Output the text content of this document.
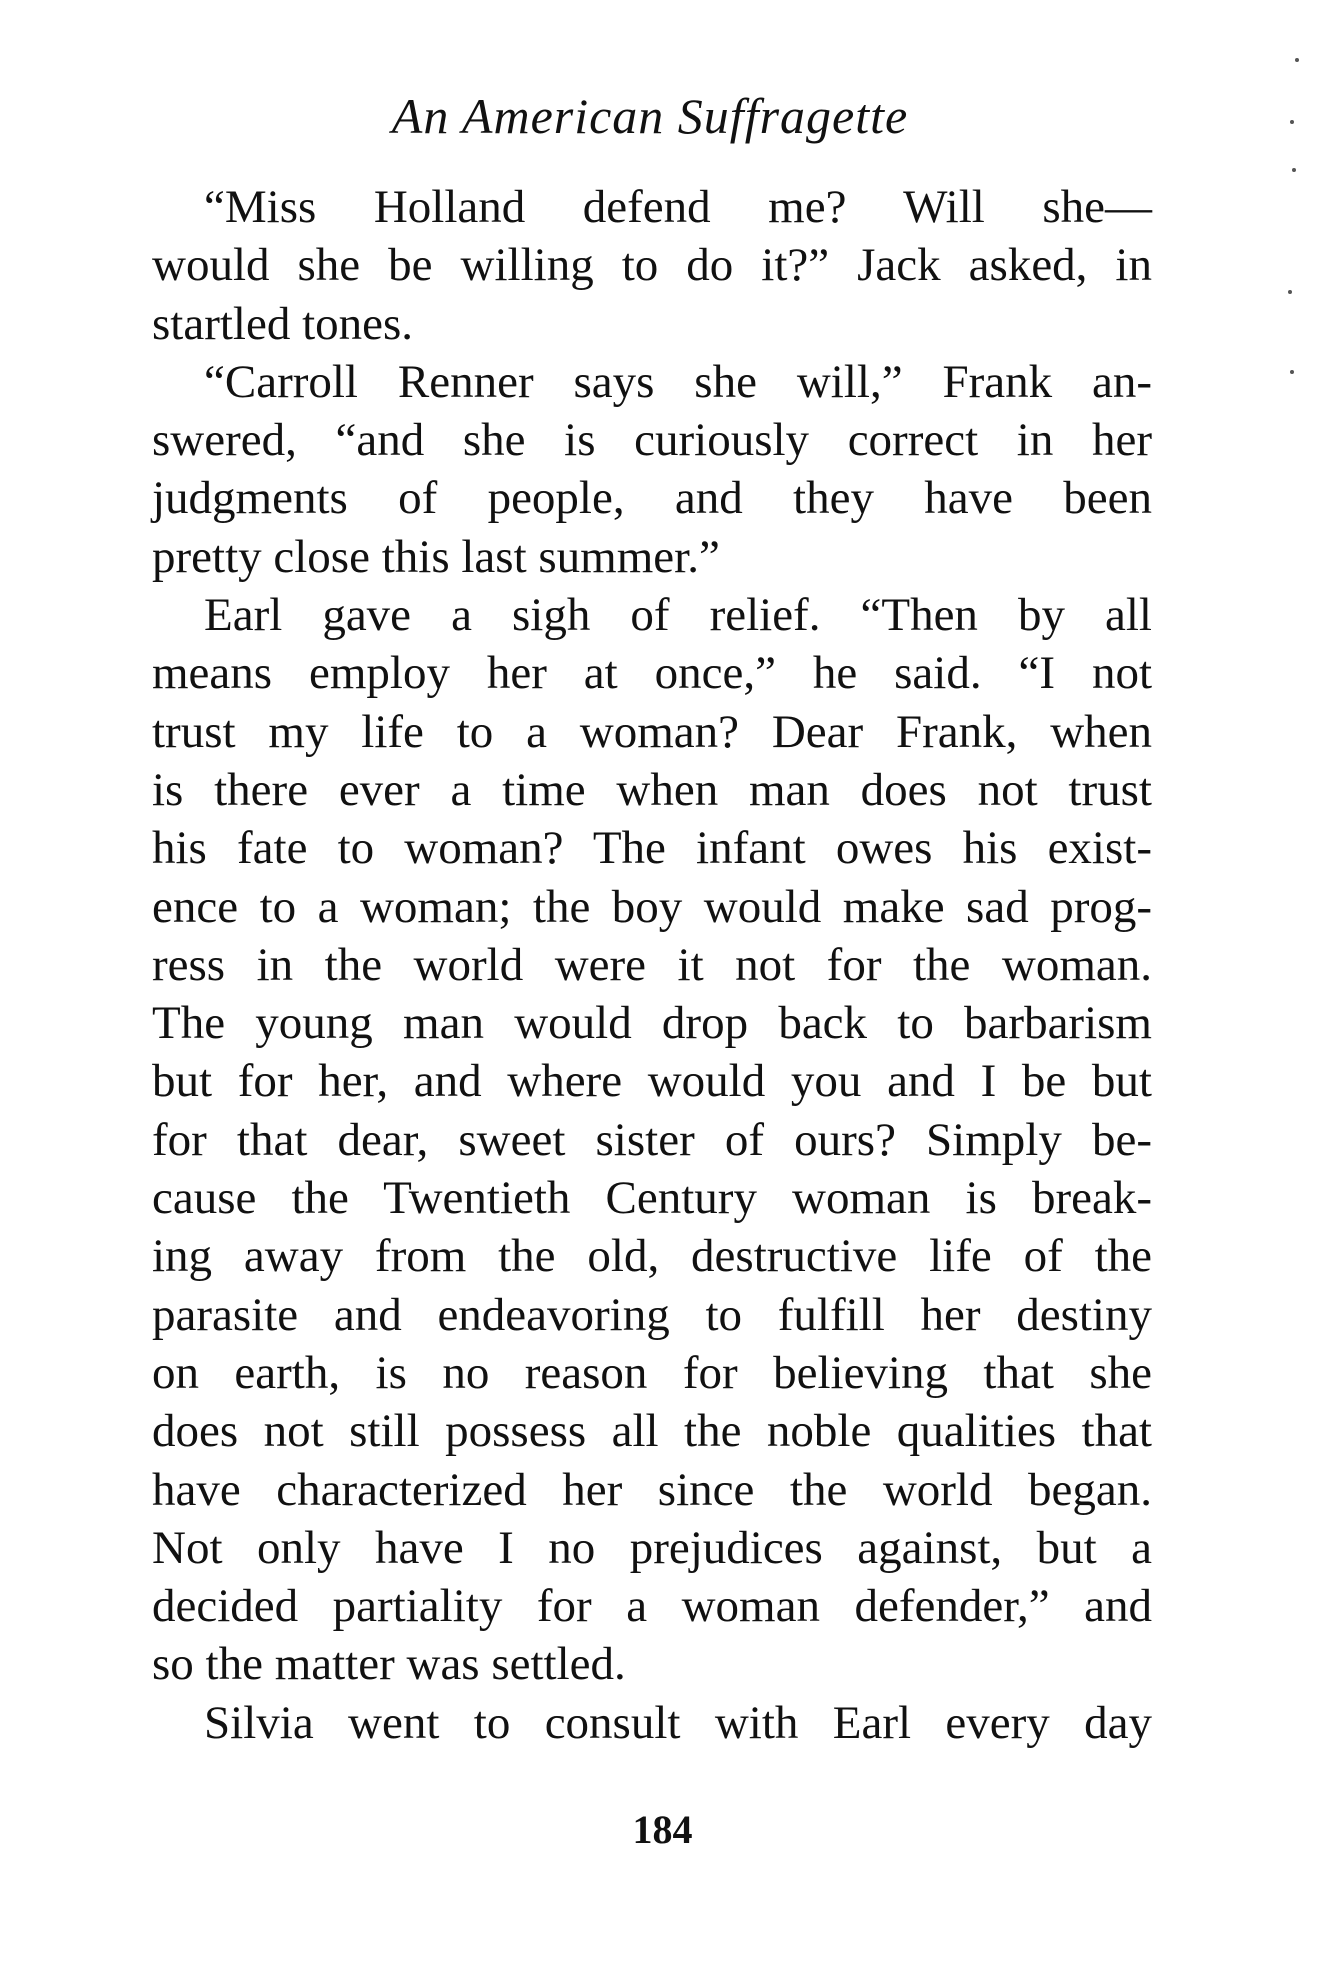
An American Suffragette
“Miss Holland defend me? Will she—
would she be willing to do it?” Jack asked, in
startled tones.
“Carroll Renner says she will,” Frank an-
swered, “and she is curiously correct in her
judgments of people, and they have been
pretty close this last summer.”
Earl gave a sigh of relief. “Then by all
means employ her at once,” he said. “I not
trust my life to a woman? Dear Frank, when
is there ever a time when man does not trust
his fate to woman? The infant owes his exist-
ence to a woman; the boy would make sad prog-
ress in the world were it not for the woman.
The young man would drop back to barbarism
but for her, and where would you and I be but
for that dear, sweet sister of ours? Simply be-
cause the Twentieth Century woman is break-
ing away from the old, destructive life of the
parasite and endeavoring to fulfill her destiny
on earth, is no reason for believing that she
does not still possess all the noble qualities that
have characterized her since the world began.
Not only have I no prejudices against, but a
decided partiality for a woman defender,” and
so the matter was settled.
Silvia went to consult with Earl every day
184
